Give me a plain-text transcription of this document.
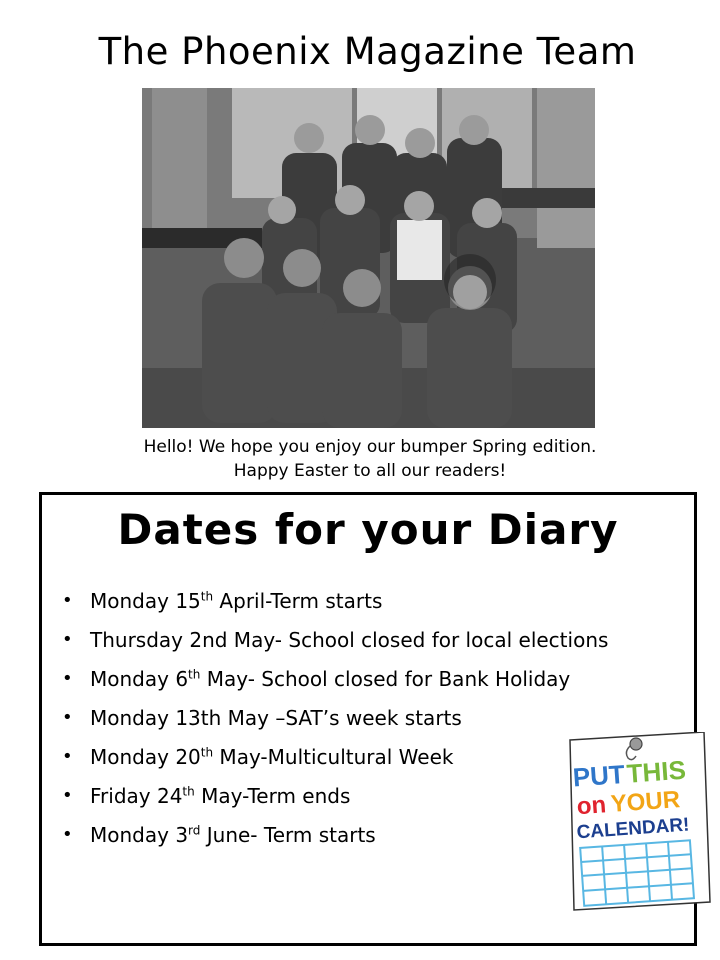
The Phoenix Magazine Team
Hello! We hope you enjoy our bumper Spring edition.
Happy Easter to all our readers!
Dates for your Diary
• Monday 15th April-Term starts
• Thursday 2nd May- School closed for local elections
• Monday 6th May- School closed for Bank Holiday
• Monday 13th May –SAT’s week starts
• Monday 20th May-Multicultural Week
• Friday 24th May-Term ends
• Monday 3rd June- Term starts
PUT THIS
on YOUR
CALENDAR!
